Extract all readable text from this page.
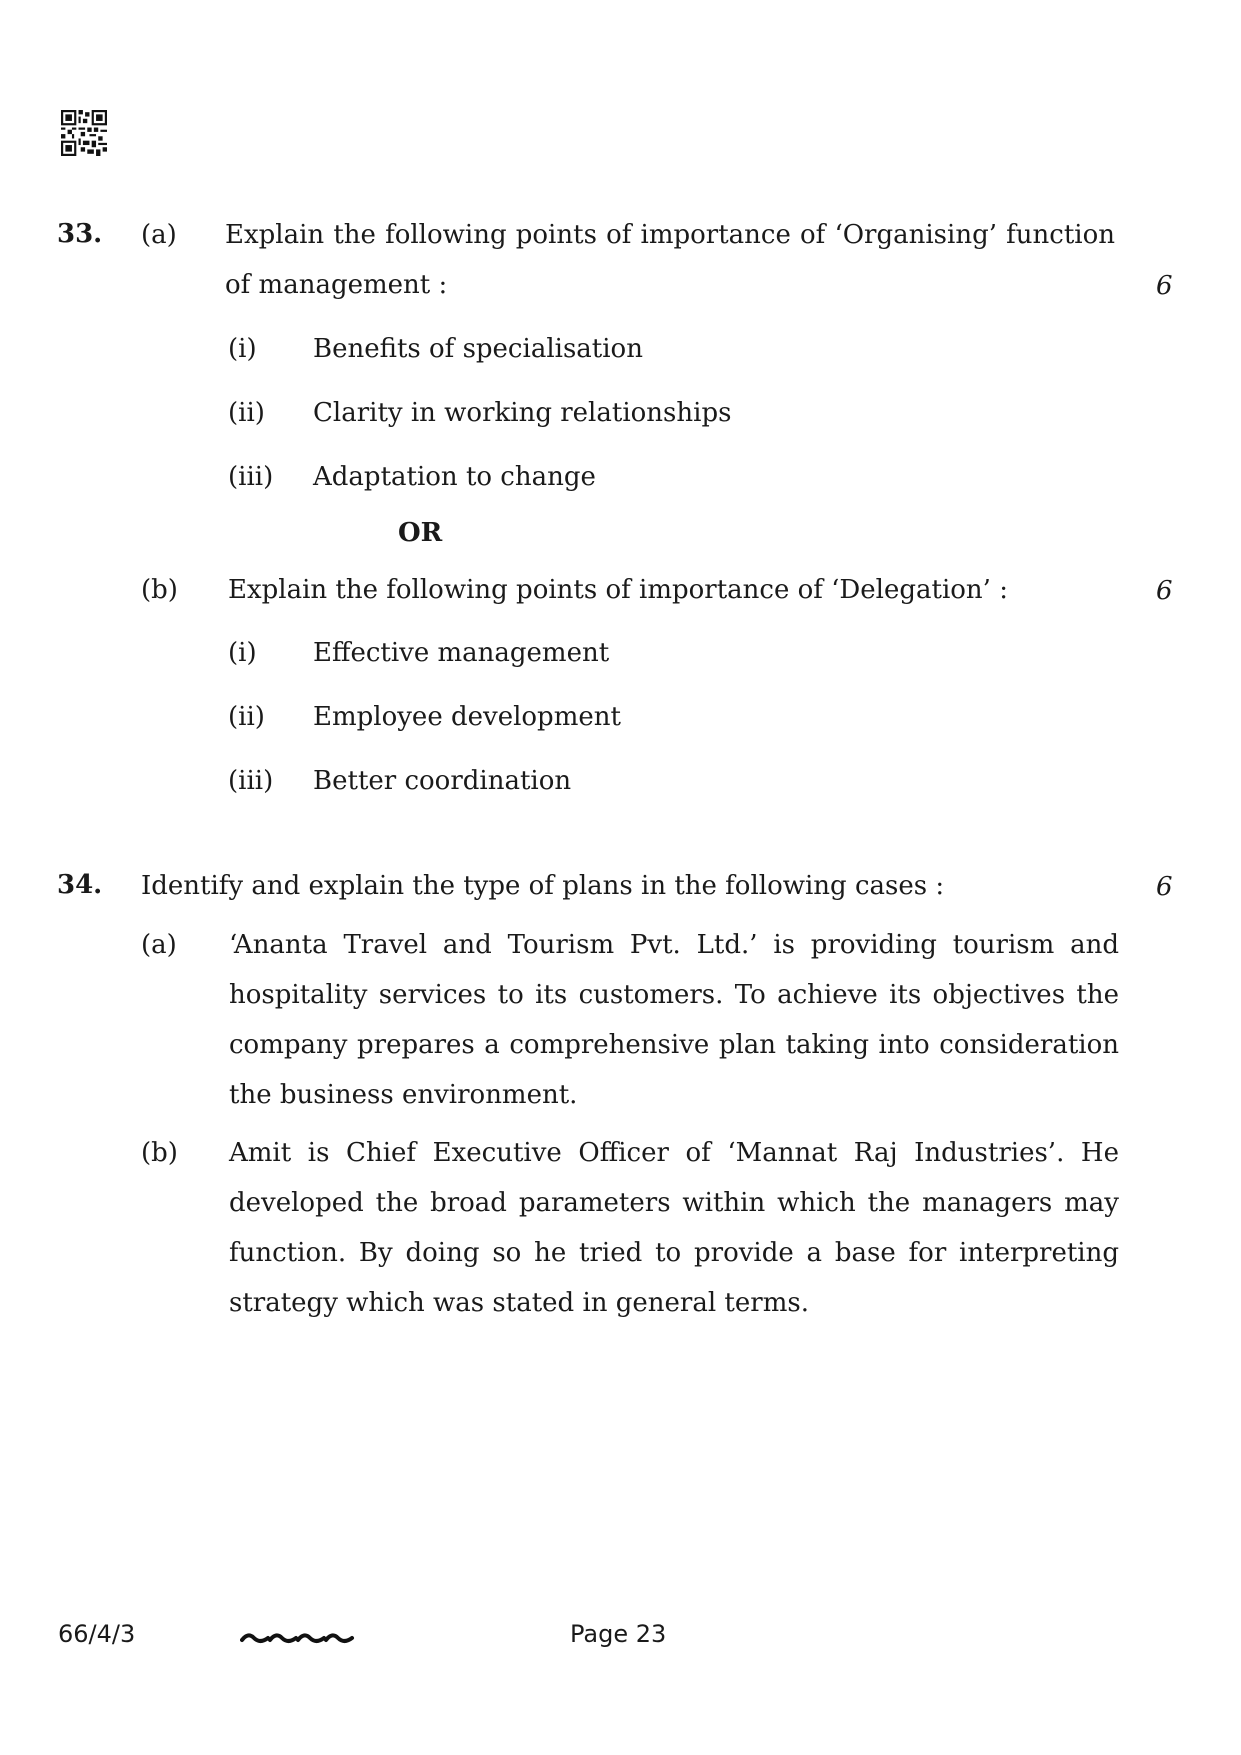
33. (a) Explain the following points of importance of ‘Organising’ function
of management :	6
(i) Benefits of specialisation
(ii) Clarity in working relationships
(iii) Adaptation to change
OR
(b) Explain the following points of importance of ‘Delegation’ :	6
(i) Effective management
(ii) Employee development
(iii) Better coordination
34. Identify and explain the type of plans in the following cases :	6
(a) ‘Ananta Travel and Tourism Pvt. Ltd.’ is providing tourism and hospitality services to its customers. To achieve its objectives the company prepares a comprehensive plan taking into consideration the business environment.
(b) Amit is Chief Executive Officer of ‘Mannat Raj Industries’. He developed the broad parameters within which the managers may function. By doing so he tried to provide a base for interpreting strategy which was stated in general terms.
66/4/3	Page 23
